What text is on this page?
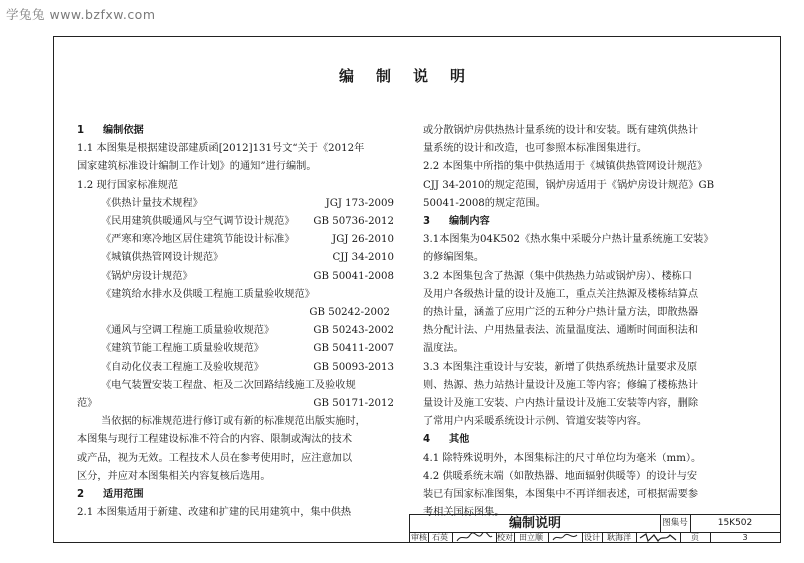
学兔兔 www.bzfxw.com
编制说明
1 编制依据
1.1 本图集是根据建设部建质函[2012]131号文“关于《2012年
国家建筑标准设计编制工作计划》的通知”进行编制。
1.2 现行国家标准规范
《供热计量技术规程》	JGJ 173-2009
《民用建筑供暖通风与空气调节设计规范》 GB 50736-2012
《严寒和寒冷地区居住建筑节能设计标准》	JGJ 26-2010
《城镇供热管网设计规范》	CJJ 34-2010
《锅炉房设计规范》	GB 50041-2008
《建筑给水排水及供暖工程施工质量验收规范》
GB 50242-2002
《通风与空调工程施工质量验收规范》	GB 50243-2002
《建筑节能工程施工质量验收规范》	GB 50411-2007
《自动化仪表工程施工及验收规范》	GB 50093-2013
《电气装置安装工程盘、柜及二次回路结线施工及验收规
范》	GB 50171-2012
当依据的标准规范进行修订或有新的标准规范出版实施时，
本图集与现行工程建设标准不符合的内容、限制或淘汰的技术
或产品，视为无效。工程技术人员在参考使用时，应注意加以
区分，并应对本图集相关内容复核后选用。
2 适用范围
2.1 本图集适用于新建、改建和扩建的民用建筑中，集中供热
或分散锅炉房供热热计量系统的设计和安装。既有建筑供热计
量系统的设计和改造，也可参照本标准图集进行。
2.2 本图集中所指的集中供热适用于《城镇供热管网设计规范》
CJJ 34-2010的规定范围，锅炉房适用于《锅炉房设计规范》GB
50041-2008的规定范围。
3 编制内容
3.1本图集为04K502《热水集中采暖分户热计量系统施工安装》
的修编图集。
3.2 本图集包含了热源（集中供热热力站或锅炉房）、楼栋口
及用户各级热计量的设计及施工，重点关注热源及楼栋结算点
的热计量，涵盖了应用广泛的五种分户热计量方法，即散热器
热分配计法、户用热量表法、流量温度法、通断时间面积法和
温度法。
3.3 本图集注重设计与安装，新增了供热系统热计量要求及原
则、热源、热力站热计量设计及施工等内容；修编了楼栋热计
量设计及施工安装、户内热计量设计及施工安装等内容，删除
了常用户内采暖系统设计示例、管道安装等内容。
4 其他
4.1 除特殊说明外，本图集标注的尺寸单位均为毫米（mm）。
4.2 供暖系统末端（如散热器、地面辐射供暖等）的设计与安
装已有国家标准图集，本图集中不再详细表述，可根据需要参
考相关国标图集。
编制说明	图集号	15K502
审核 石英	校对 田立顺	设计 耿海洋	页	3
